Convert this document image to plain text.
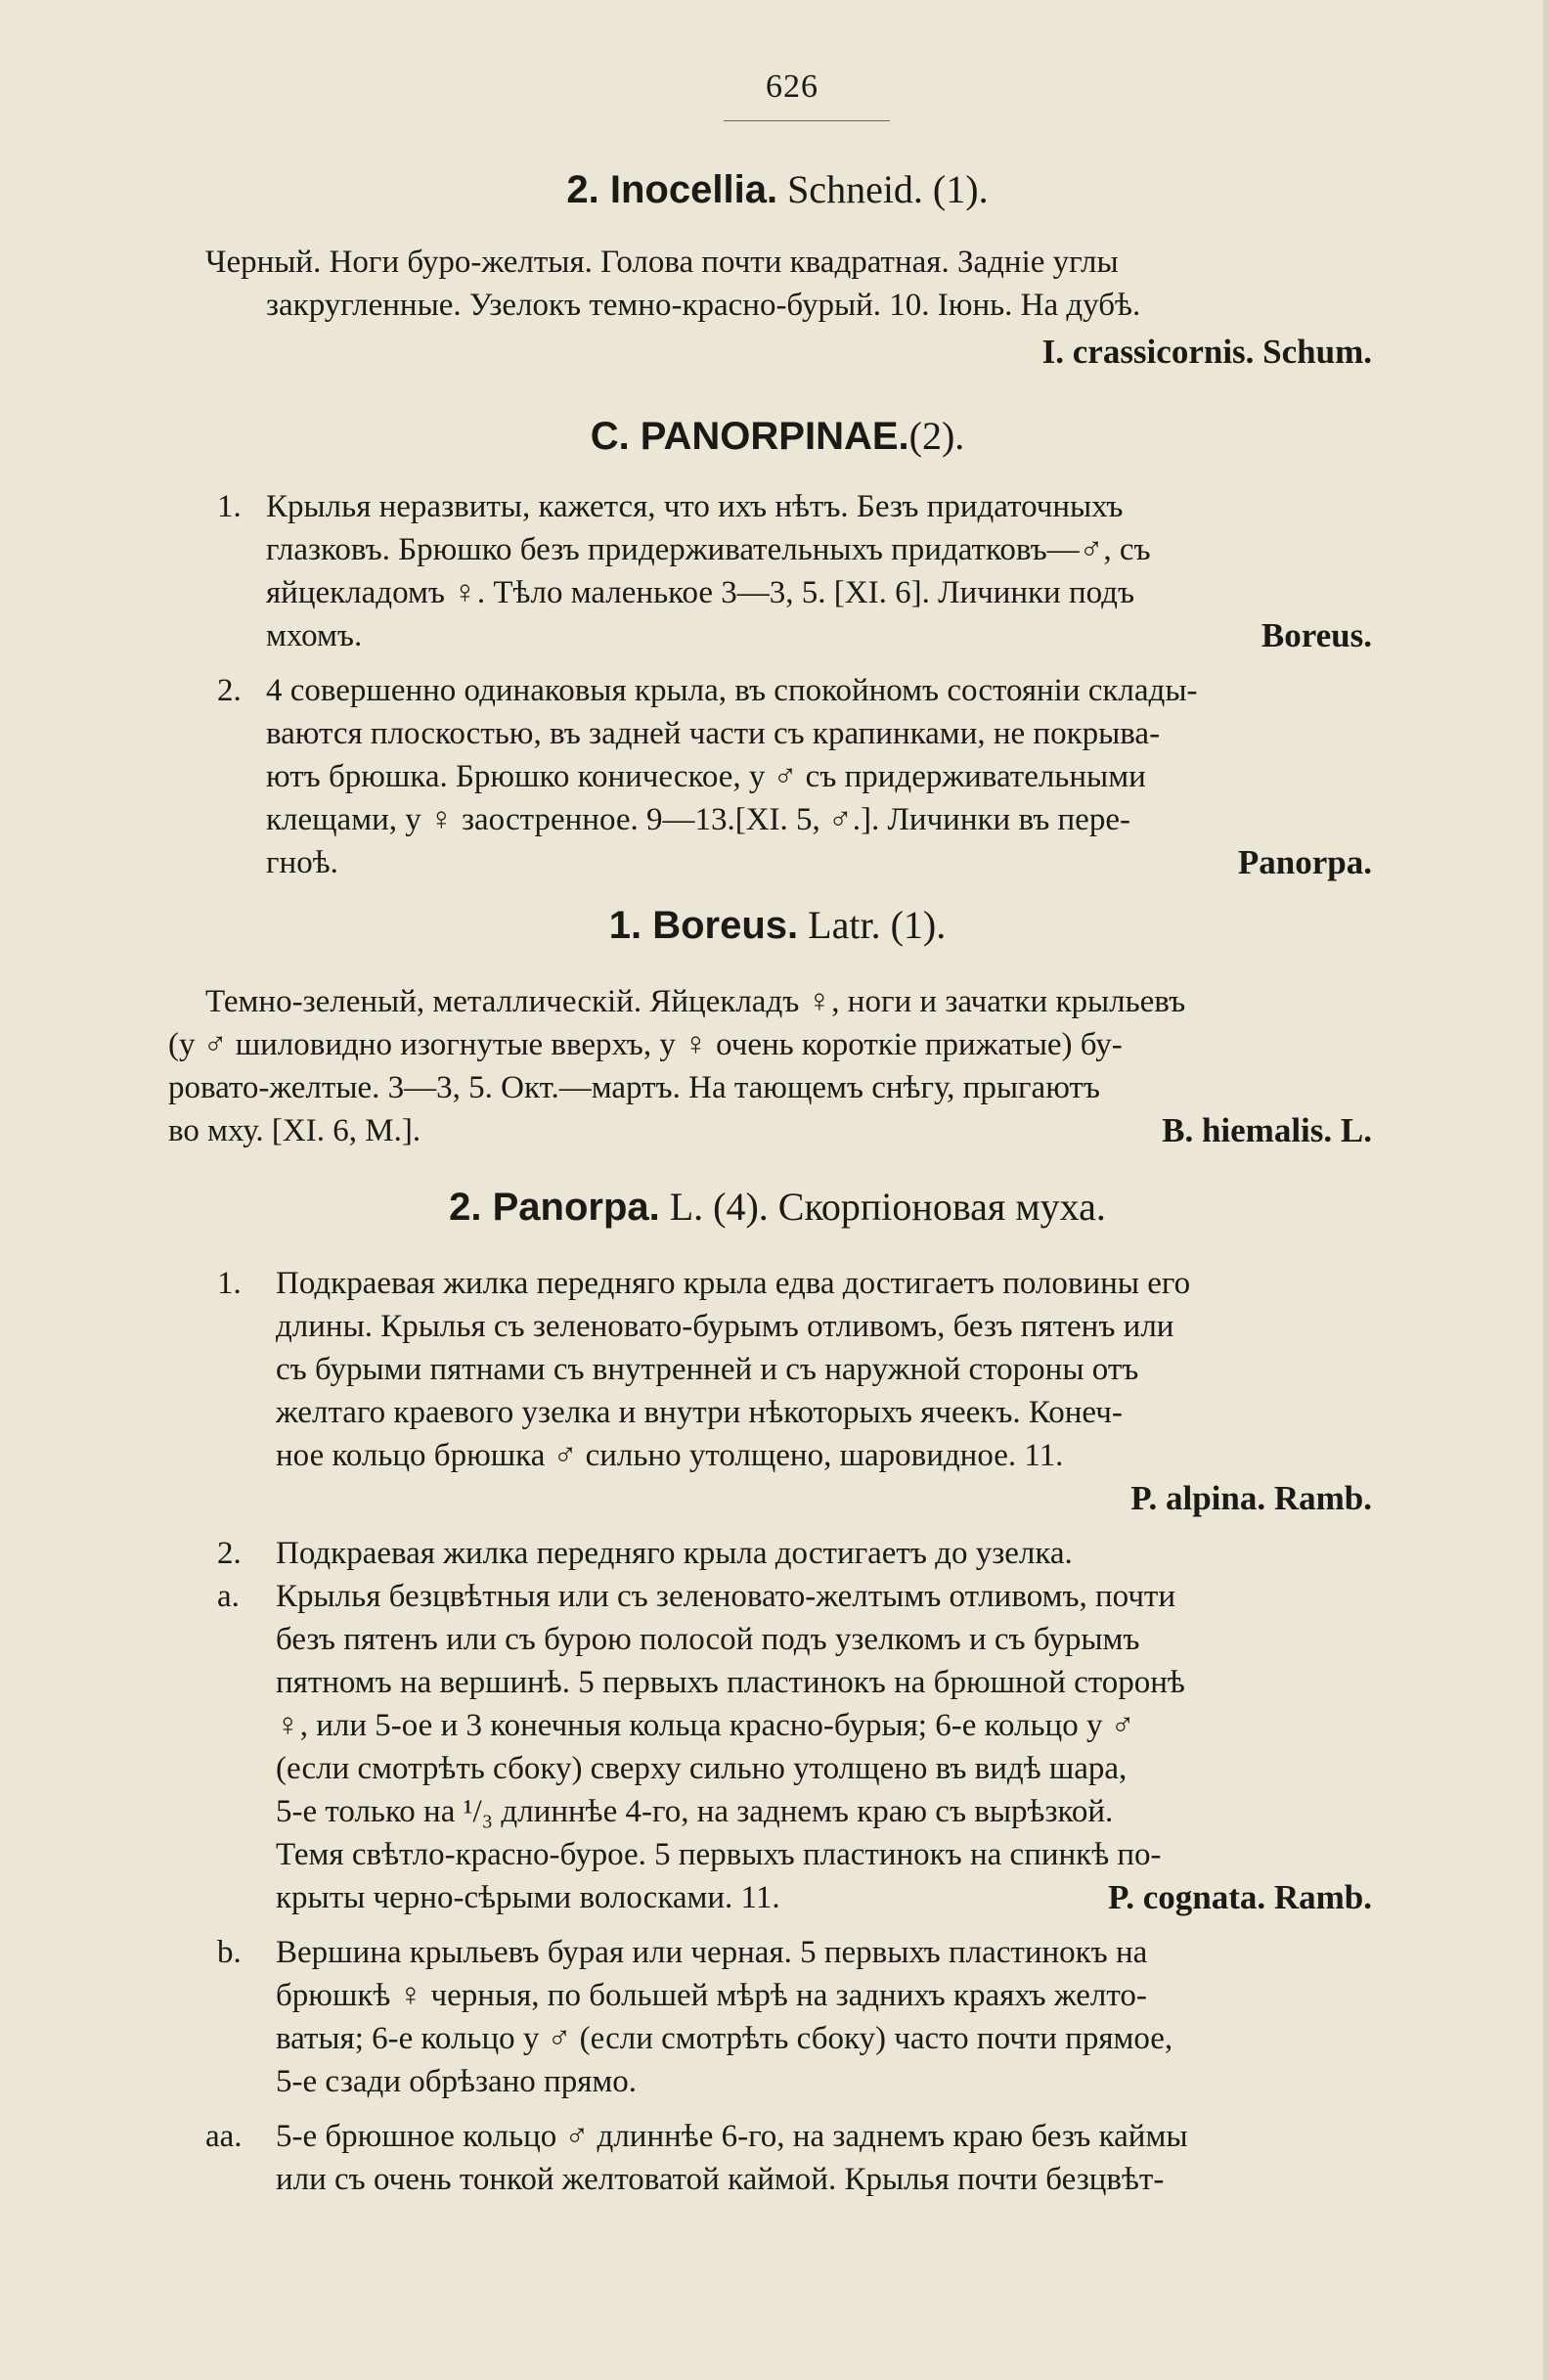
626
2. Inocellia. Schneid. (1).
Черный. Ноги буро-желтыя. Голова почти квадратная. Задніе углы
закругленные. Узелокъ темно-красно-бурый. 10. Іюнь. На дубѣ.
I. crassicornis. Schum.
C. PANORPINAE.(2).
1. Крылья неразвиты, кажется, что ихъ нѣтъ. Безъ придаточныхъ
глазковъ. Брюшко безъ придерживательныхъ придатковъ—♂, съ
яйцекладомъ ♀. Тѣло маленькое 3—3, 5. [XI. 6]. Личинки подъ
мхомъ.	Boreus.
2. 4 совершенно одинаковыя крыла, въ спокойномъ состояніи склады-
ваются плоскостью, въ задней части съ крапинками, не покрыва-
ютъ брюшка. Брюшко коническое, у ♂ съ придерживательными
клещами, у ♀ заостренное. 9—13.[XI. 5, ♂.]. Личинки въ пере-
гноѣ.	Panorpa.
1. Boreus. Latr. (1).
Темно-зеленый, металлическій. Яйцекладъ ♀, ноги и зачатки крыльевъ
(у ♂ шиловидно изогнутые вверхъ, у ♀ очень короткіе прижатые) бу-
ровато-желтые. 3—3, 5. Окт.—мартъ. На тающемъ снѣгу, прыгаютъ
во мху. [XI. 6, M.].	B. hiemalis. L.
2. Panorpa. L. (4). Скорпіоновая муха.
1. Подкраевая жилка передняго крыла едва достигаетъ половины его
длины. Крылья съ зеленовато-бурымъ отливомъ, безъ пятенъ или
съ бурыми пятнами съ внутренней и съ наружной стороны отъ
желтаго краевого узелка и внутри нѣкоторыхъ ячеекъ. Конеч-
ное кольцо брюшка ♂ сильно утолщено, шаровидное. 11.
P. alpina. Ramb.
2. Подкраевая жилка передняго крыла достигаетъ до узелка.
a. Крылья безцвѣтныя или съ зеленовато-желтымъ отливомъ, почти
безъ пятенъ или съ бурою полосой подъ узелкомъ и съ бурымъ
пятномъ на вершинѣ. 5 первыхъ пластинокъ на брюшной сторонѣ
♀, или 5-ое и 3 конечныя кольца красно-бурыя; 6-е кольцо у ♂
(если смотрѣть сбоку) сверху сильно утолщено въ видѣ шара,
5-е только на ¹/₃ длиннѣе 4-го, на заднемъ краю съ вырѣзкой.
Темя свѣтло-красно-бурое. 5 первыхъ пластинокъ на спинкѣ по-
крыты черно-сѣрыми волосками. 11.	P. cognata. Ramb.
b. Вершина крыльевъ бурая или черная. 5 первыхъ пластинокъ на
брюшкѣ ♀ черныя, по большей мѣрѣ на заднихъ краяхъ желто-
ватыя; 6-е кольцо у ♂ (если смотрѣть сбоку) часто почти прямое,
5-е сзади обрѣзано прямо.
aa. 5-е брюшное кольцо ♂ длиннѣе 6-го, на заднемъ краю безъ каймы
или съ очень тонкой желтоватой каймой. Крылья почти безцвѣт-
